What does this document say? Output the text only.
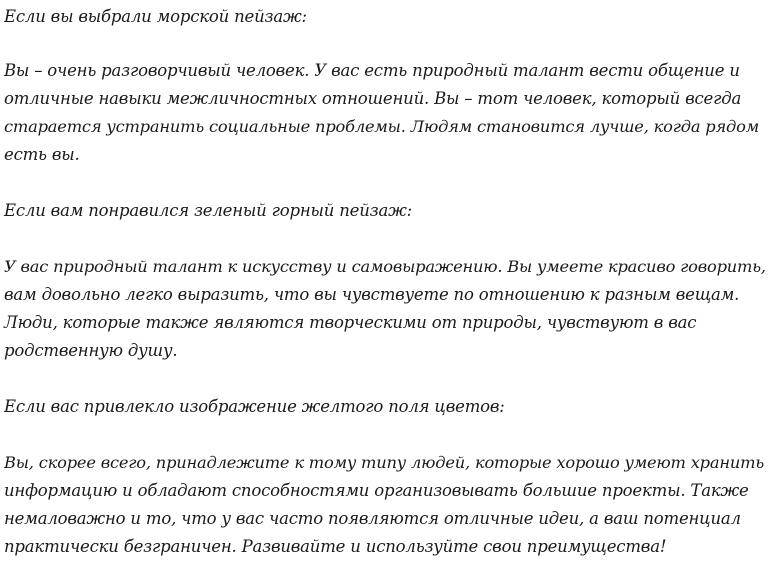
Если вы выбрали морской пейзаж:
Вы – очень разговорчивый человек. У вас есть природный талант вести общение и
отличные навыки межличностных отношений. Вы – тот человек, который всегда
старается устранить социальные проблемы. Людям становится лучше, когда рядом
есть вы.
Если вам понравился зеленый горный пейзаж:
У вас природный талант к искусству и самовыражению. Вы умеете красиво говорить,
вам довольно легко выразить, что вы чувствуете по отношению к разным вещам.
Люди, которые также являются творческими от природы, чувствуют в вас
родственную душу.
Если вас привлекло изображение желтого поля цветов:
Вы, скорее всего, принадлежите к тому типу людей, которые хорошо умеют хранить
информацию и обладают способностями организовывать большие проекты. Также
немаловажно и то, что у вас часто появляются отличные идеи, а ваш потенциал
практически безграничен. Развивайте и используйте свои преимущества!
